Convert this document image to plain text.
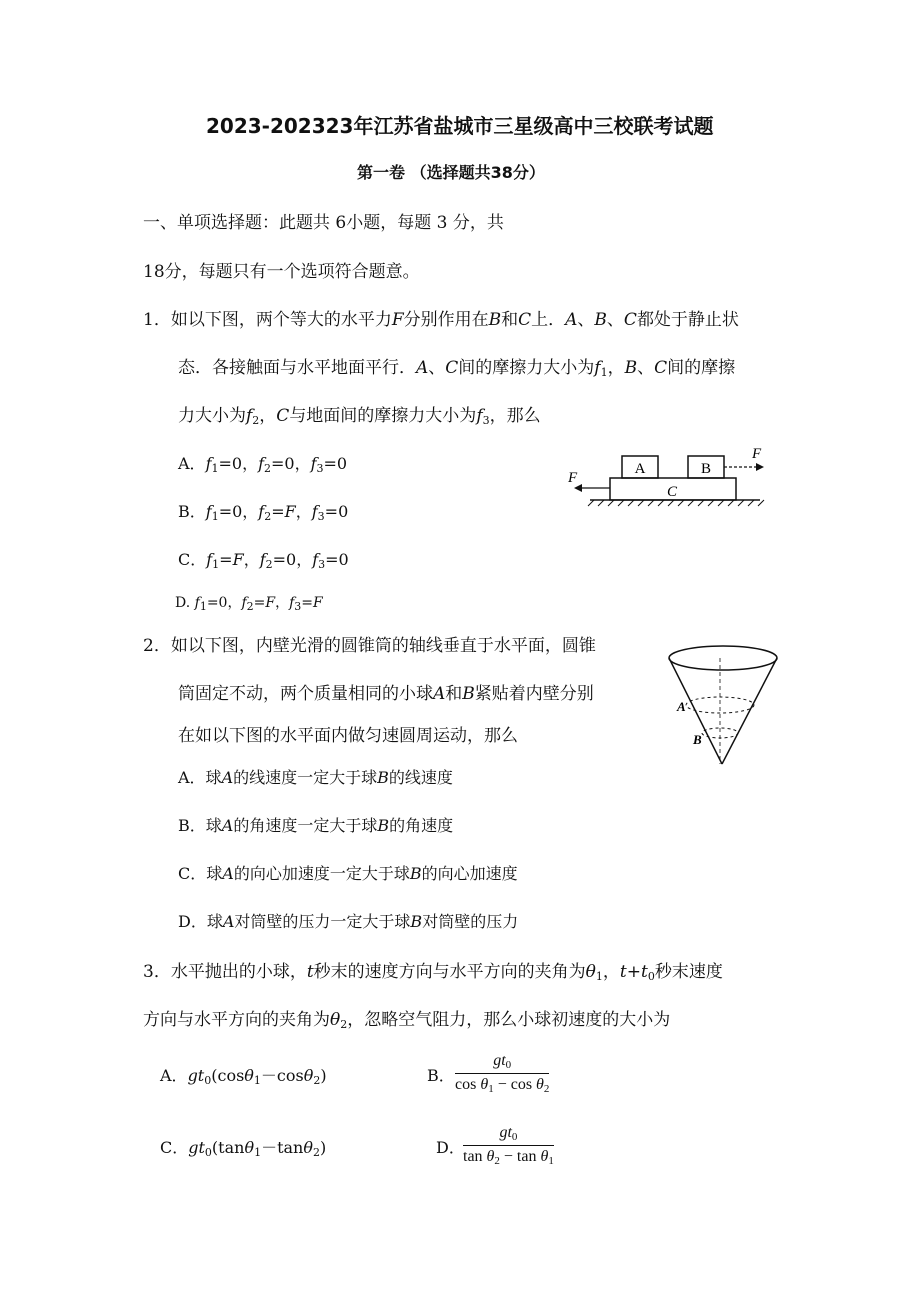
2023-202323年江苏省盐城市三星级高中三校联考试题
第一卷 （选择题共38分）
一、单项选择题：此题共 6小题，每题 3 分，共
18分，每题只有一个选项符合题意。
1．如以下图，两个等大的水平力F分别作用在B和C上．A、B、C都处于静止状
态．各接触面与水平地面平行．A、C间的摩擦力大小为$f_1$，B、C间的摩擦
力大小为$f_2$，C与地面间的摩擦力大小为$f_3$，那么
A．$f_1=0$，$f_2=0$，$f_3=0$
B．$f_1=0$，$f_2=F$，$f_3=0$
C．$f_1=F$，$f_2=0$，$f_3=0$
D. $f_1=0$，$f_2=F$，$f_3=F$
A	B
C
F
F
2．如以下图，内壁光滑的圆锥筒的轴线垂直于水平面，圆锥
筒固定不动，两个质量相同的小球A和B紧贴着内壁分别
在如以下图的水平面内做匀速圆周运动，那么
A．球A的线速度一定大于球B的线速度
B．球A的角速度一定大于球B的角速度
C．球A的向心加速度一定大于球B的向心加速度
D．球A对筒壁的压力一定大于球B对筒壁的压力
A
B
3．水平抛出的小球，t秒末的速度方向与水平方向的夹角为$\theta_1$，$t+t_0$秒末速度
方向与水平方向的夹角为$\theta_2$，忽略空气阻力，那么小球初速度的大小为
A．$gt_0(\cos\theta_1-\cos\theta_2)$	B．
$gt_0$
$\cos \theta_1 - \cos \theta_2$
C．$gt_0(\tan\theta_1-\tan\theta_2)$	D．
$gt_0$
$\tan \theta_2 - \tan \theta_1$
